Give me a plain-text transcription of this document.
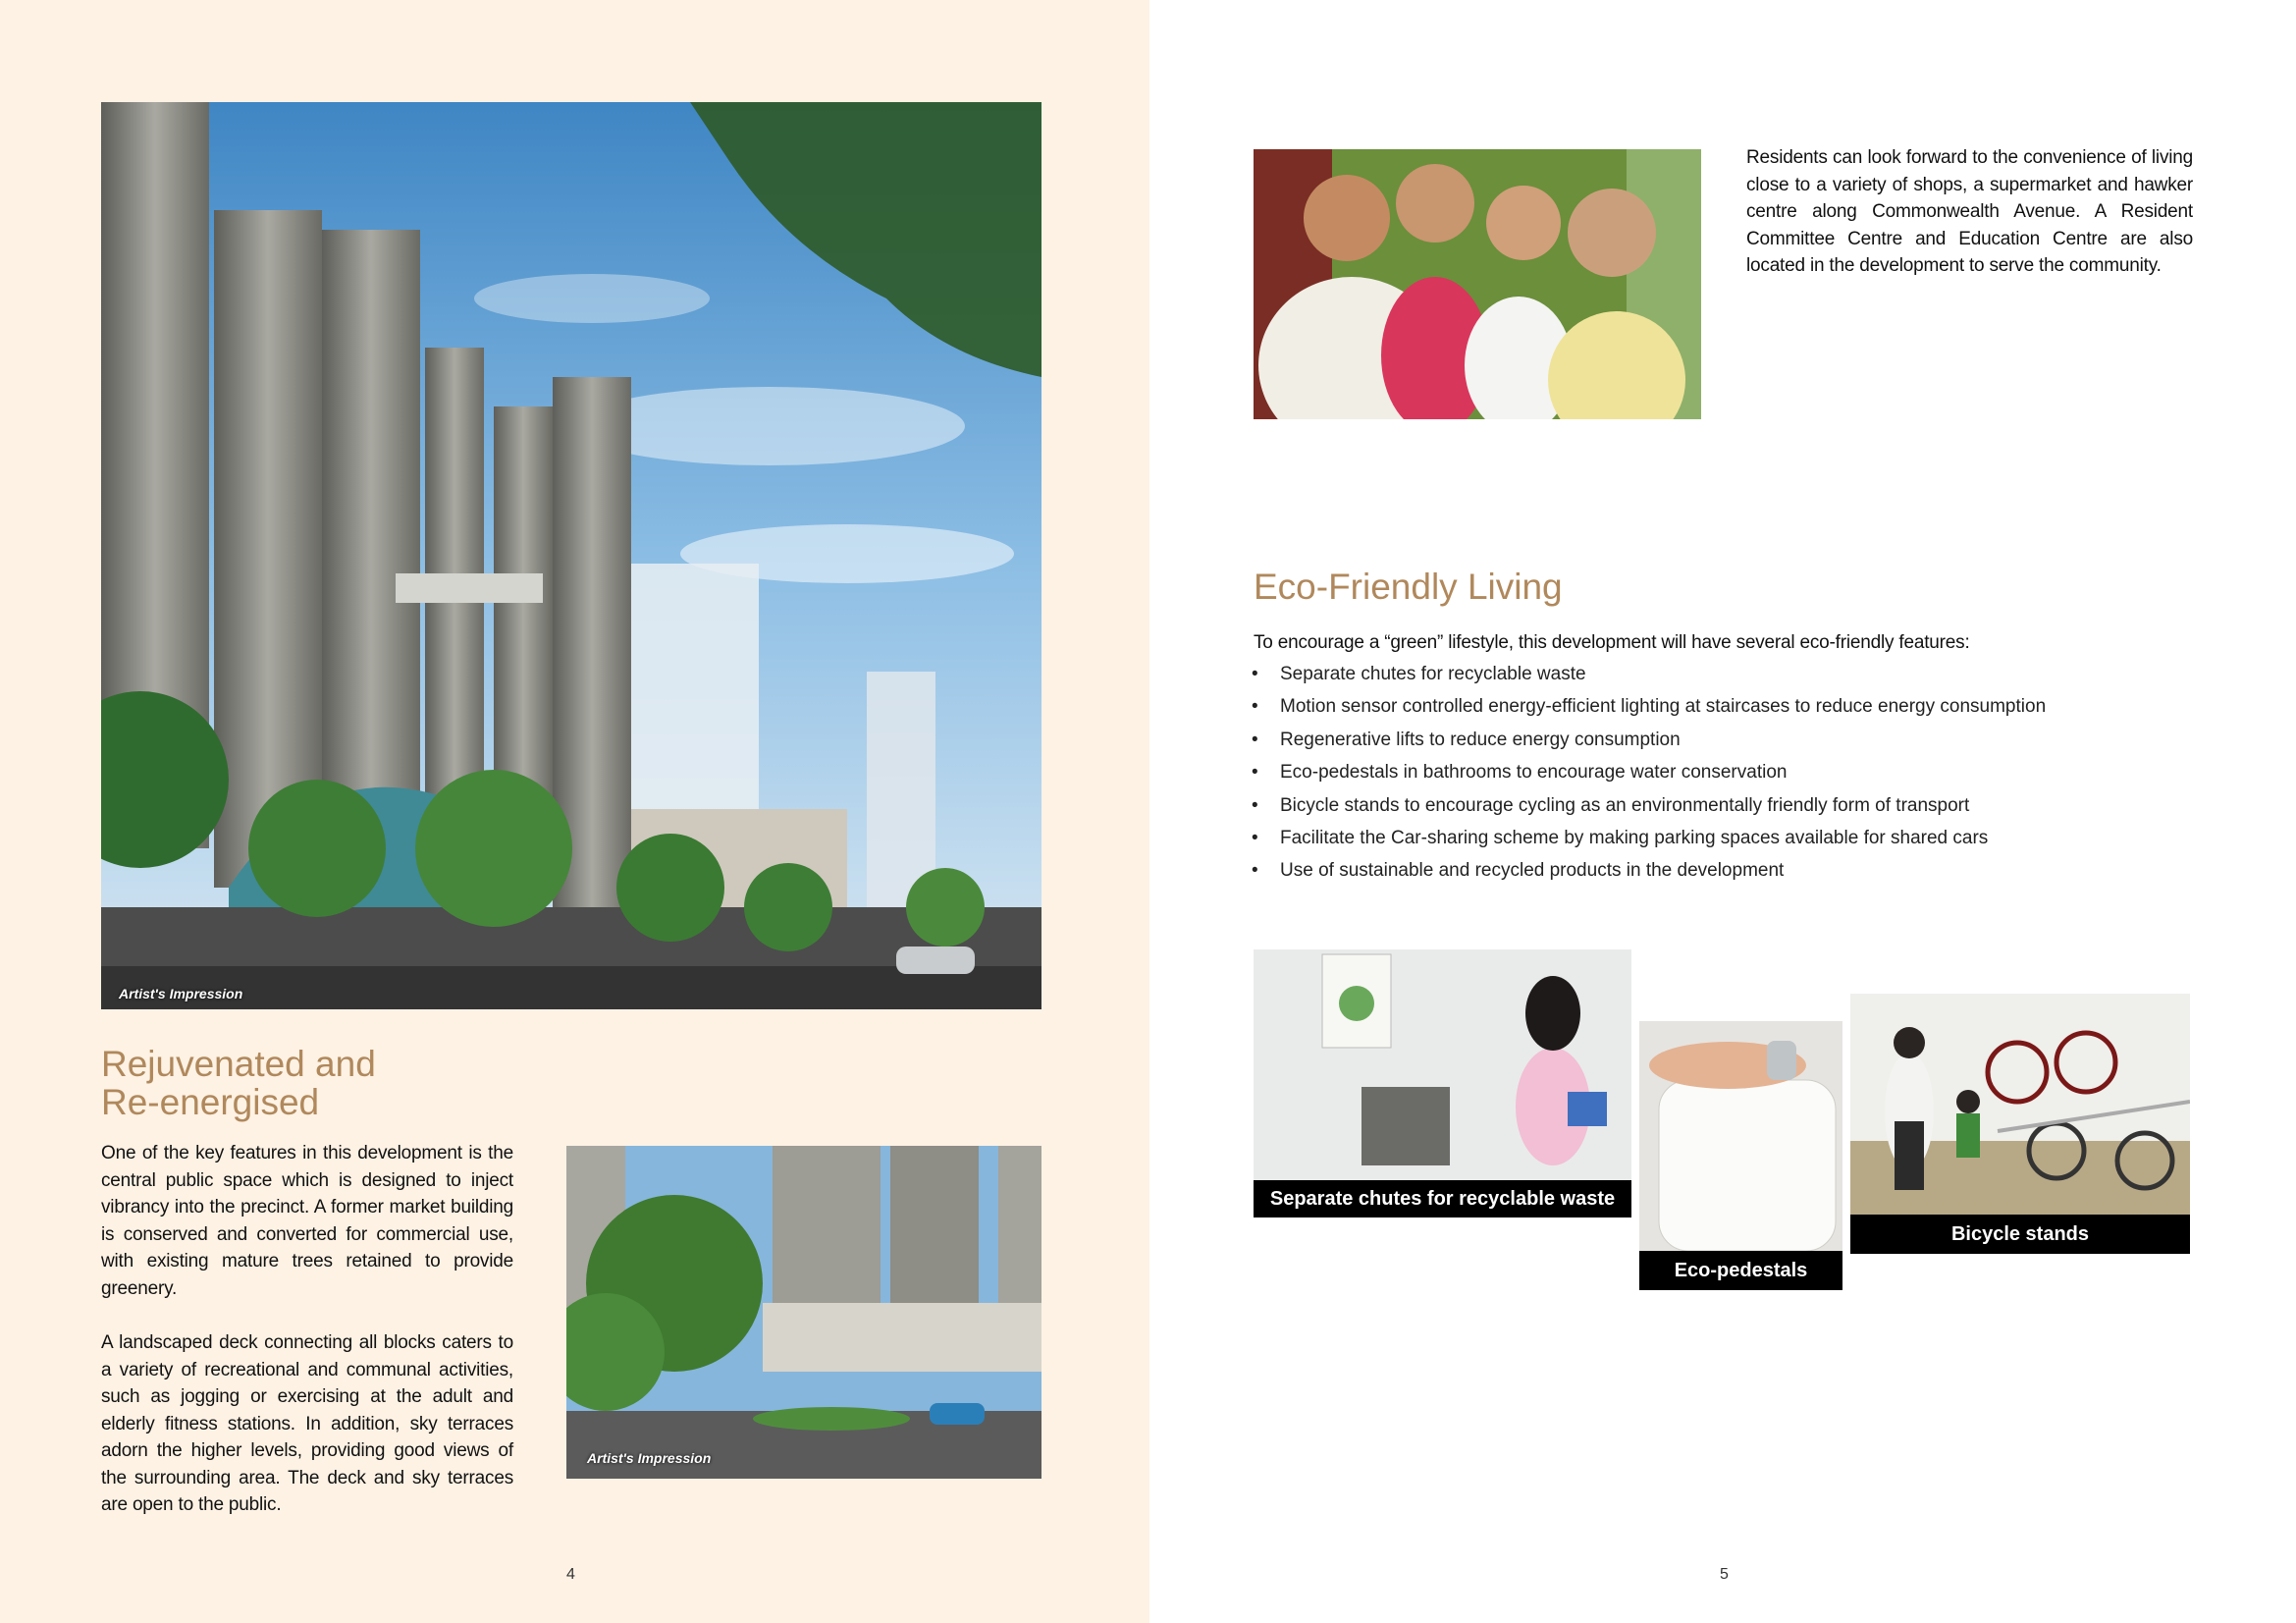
Artist's Impression
Rejuvenated and
Re-energised

One of the key features in this development is the central public space which is designed to inject vibrancy into the precinct. A former market building is conserved and converted for commercial use, with existing mature trees retained to provide greenery.

A landscaped deck connecting all blocks caters to a variety of recreational and communal activities, such as jogging or exercising at the adult and elderly fitness stations. In addition, sky terraces adorn the higher levels, providing good views of the surrounding area. The deck and sky terraces are open to the public.

Artist's Impression
4

Residents can look forward to the convenience of living close to a variety of shops, a supermarket and hawker centre along Commonwealth Avenue. A Resident Committee Centre and Education Centre are also located in the development to serve the community.

Eco-Friendly Living

To encourage a “green” lifestyle, this development will have several eco-friendly features:

• Separate chutes for recyclable waste
• Motion sensor controlled energy-efficient lighting at staircases to reduce energy consumption
• Regenerative lifts to reduce energy consumption
• Eco-pedestals in bathrooms to encourage water conservation
• Bicycle stands to encourage cycling as an environmentally friendly form of transport
• Facilitate the Car-sharing scheme by making parking spaces available for shared cars
• Use of sustainable and recycled products in the development
Separate chutes for recyclable waste
Eco-pedestals
Bicycle stands
5
